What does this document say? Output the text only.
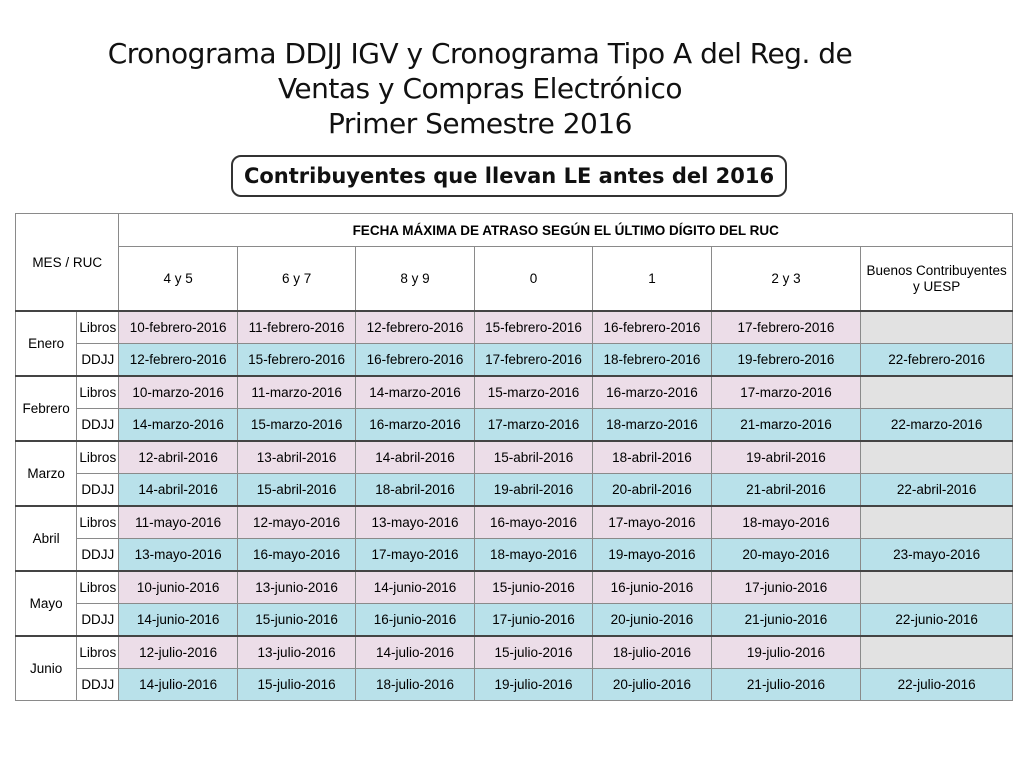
Cronograma DDJJ IGV y Cronograma Tipo A del Reg. de
Ventas y Compras Electrónico
Primer Semestre 2016
Contribuyentes que llevan LE antes del 2016
MES / RUC		FECHA MÁXIMA DE ATRASO SEGÚN EL ÚLTIMO DÍGITO DEL RUC						
		4 y 5	6 y 7	8 y 9	0	1	2 y 3	Buenos Contribuyentes y UESP
Enero	Libros	10-febrero-2016	11-febrero-2016	12-febrero-2016	15-febrero-2016	16-febrero-2016	17-febrero-2016	
	DDJJ	12-febrero-2016	15-febrero-2016	16-febrero-2016	17-febrero-2016	18-febrero-2016	19-febrero-2016	22-febrero-2016
Febrero	Libros	10-marzo-2016	11-marzo-2016	14-marzo-2016	15-marzo-2016	16-marzo-2016	17-marzo-2016	
	DDJJ	14-marzo-2016	15-marzo-2016	16-marzo-2016	17-marzo-2016	18-marzo-2016	21-marzo-2016	22-marzo-2016
Marzo	Libros	12-abril-2016	13-abril-2016	14-abril-2016	15-abril-2016	18-abril-2016	19-abril-2016	
	DDJJ	14-abril-2016	15-abril-2016	18-abril-2016	19-abril-2016	20-abril-2016	21-abril-2016	22-abril-2016
Abril	Libros	11-mayo-2016	12-mayo-2016	13-mayo-2016	16-mayo-2016	17-mayo-2016	18-mayo-2016	
	DDJJ	13-mayo-2016	16-mayo-2016	17-mayo-2016	18-mayo-2016	19-mayo-2016	20-mayo-2016	23-mayo-2016
Mayo	Libros	10-junio-2016	13-junio-2016	14-junio-2016	15-junio-2016	16-junio-2016	17-junio-2016	
	DDJJ	14-junio-2016	15-junio-2016	16-junio-2016	17-junio-2016	20-junio-2016	21-junio-2016	22-junio-2016
Junio	Libros	12-julio-2016	13-julio-2016	14-julio-2016	15-julio-2016	18-julio-2016	19-julio-2016	
	DDJJ	14-julio-2016	15-julio-2016	18-julio-2016	19-julio-2016	20-julio-2016	21-julio-2016	22-julio-2016
